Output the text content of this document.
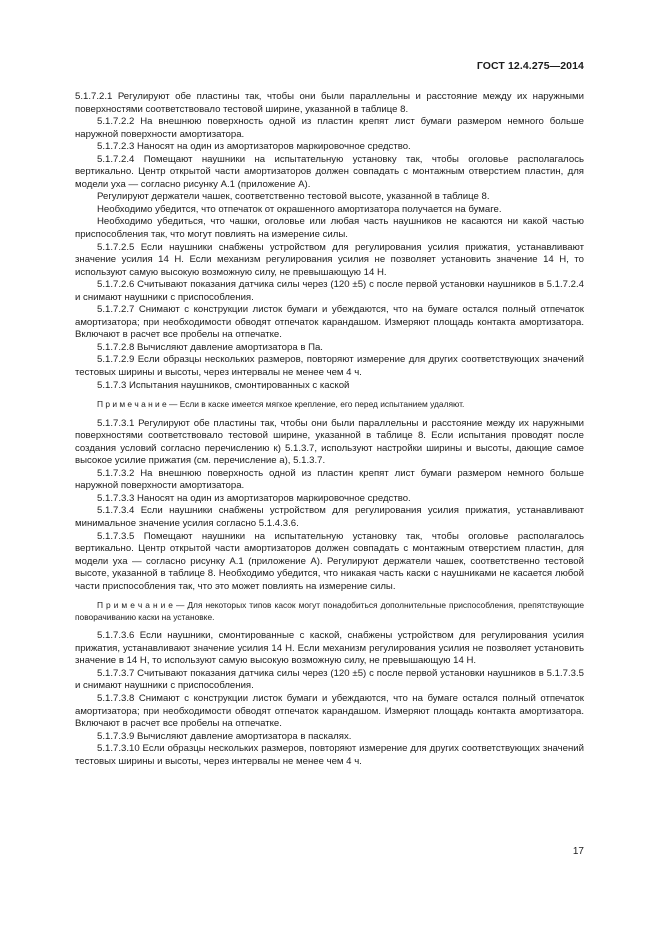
ГОСТ 12.4.275—2014

5.1.7.2.1 Регулируют обе пластины так, чтобы они были параллельны и расстояние между их наружными поверхностями соответствовало тестовой ширине, указанной в таблице 8.

5.1.7.2.2 На внешнюю поверхность одной из пластин крепят лист бумаги размером немного больше наружной поверхности амортизатора.

5.1.7.2.3 Наносят на один из амортизаторов маркировочное средство.

5.1.7.2.4 Помещают наушники на испытательную установку так, чтобы оголовье располагалось вертикально. Центр открытой части амортизаторов должен совпадать с монтажным отверстием пластин, для модели уха — согласно рисунку А.1 (приложение А).

Регулируют держатели чашек, соответственно тестовой высоте, указанной в таблице 8.

Необходимо убедится, что отпечаток от окрашенного амортизатора получается на бумаге.

Необходимо убедиться, что чашки, оголовье или любая часть наушников не касаются ни какой частью приспособления так, что могут повлиять на измерение силы.

5.1.7.2.5 Если наушники снабжены устройством для регулирования усилия прижатия, устанавливают значение усилия 14 Н. Если механизм регулирования усилия не позволяет установить значение 14 Н, то используют самую высокую возможную силу, не превышающую 14 Н.

5.1.7.2.6 Считывают показания датчика силы через (120 ±5) с после первой установки наушников в 5.1.7.2.4 и снимают наушники с приспособления.

5.1.7.2.7 Снимают с конструкции листок бумаги и убеждаются, что на бумаге остался полный отпечаток амортизатора; при необходимости обводят отпечаток карандашом. Измеряют площадь контакта амортизатора. Включают в расчет все пробелы на отпечатке.

5.1.7.2.8 Вычисляют давление амортизатора в Па.

5.1.7.2.9 Если образцы нескольких размеров, повторяют измерение для других соответствующих значений тестовых ширины и высоты, через интервалы не менее чем 4 ч.

5.1.7.3 Испытания наушников, смонтированных с каской

П р и м е ч а н и е — Если в каске имеется мягкое крепление, его перед испытанием удаляют.

5.1.7.3.1 Регулируют обе пластины так, чтобы они были параллельны и расстояние между их наружными поверхностями соответствовало тестовой ширине, указанной в таблице 8. Если испытания проводят после создания условий согласно перечислению к) 5.1.3.7, используют настройки ширины и высоты, дающие самое высокое усилие прижатия (см. перечисление а), 5.1.3.7.

5.1.7.3.2 На внешнюю поверхность одной из пластин крепят лист бумаги размером немного больше наружной поверхности амортизатора.

5.1.7.3.3 Наносят на один из амортизаторов маркировочное средство.

5.1.7.3.4 Если наушники снабжены устройством для регулирования усилия прижатия, устанавливают минимальное значение усилия согласно 5.1.4.3.6.

5.1.7.3.5 Помещают наушники на испытательную установку так, чтобы оголовье располагалось вертикально. Центр открытой части амортизаторов должен совпадать с монтажным отверстием пластин, для модели уха — согласно рисунку А.1 (приложение А). Регулируют держатели чашек, соответственно тестовой высоте, указанной в таблице 8. Необходимо убедится, что никакая часть каски с наушниками не касается любой части приспособления так, что это может повлиять на измерение силы.

П р и м е ч а н и е — Для некоторых типов касок могут понадобиться дополнительные приспособления, препятствующие поворачиванию каски на установке.

5.1.7.3.6 Если наушники, смонтированные с каской, снабжены устройством для регулирования усилия прижатия, устанавливают значение усилия 14 Н. Если механизм регулирования усилия не позволяет установить значение в 14 Н, то используют самую высокую возможную силу, не превышающую 14 Н.

5.1.7.3.7 Считывают показания датчика силы через (120 ±5) с после первой установки наушников в 5.1.7.3.5 и снимают наушники с приспособления.

5.1.7.3.8 Снимают с конструкции листок бумаги и убеждаются, что на бумаге остался полный отпечаток амортизатора; при необходимости обводят отпечаток карандашом. Измеряют площадь контакта амортизатора. Включают в расчет все пробелы на отпечатке.

5.1.7.3.9 Вычисляют давление амортизатора в паскалях.

5.1.7.3.10 Если образцы нескольких размеров, повторяют измерение для других соответствующих значений тестовых ширины и высоты, через интервалы не менее чем 4 ч.

17
